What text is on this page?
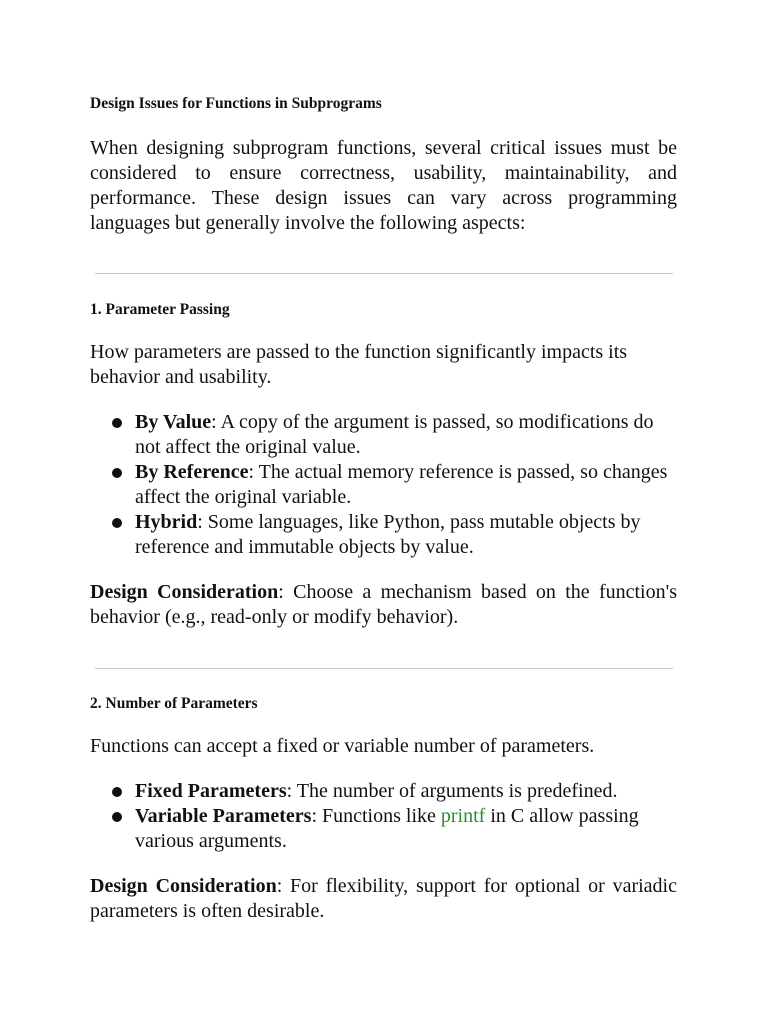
Design Issues for Functions in Subprograms

When designing subprogram functions, several critical issues must be considered to ensure correctness, usability, maintainability, and performance. These design issues can vary across programming languages but generally involve the following aspects:

1. Parameter Passing

How parameters are passed to the function significantly impacts its behavior and usability.

By Value: A copy of the argument is passed, so modifications do not affect the original value.
By Reference: The actual memory reference is passed, so changes affect the original variable.
Hybrid: Some languages, like Python, pass mutable objects by reference and immutable objects by value.

Design Consideration: Choose a mechanism based on the function's behavior (e.g., read-only or modify behavior).

2. Number of Parameters

Functions can accept a fixed or variable number of parameters.

Fixed Parameters: The number of arguments is predefined.
Variable Parameters: Functions like printf in C allow passing various arguments.

Design Consideration: For flexibility, support for optional or variadic parameters is often desirable.
